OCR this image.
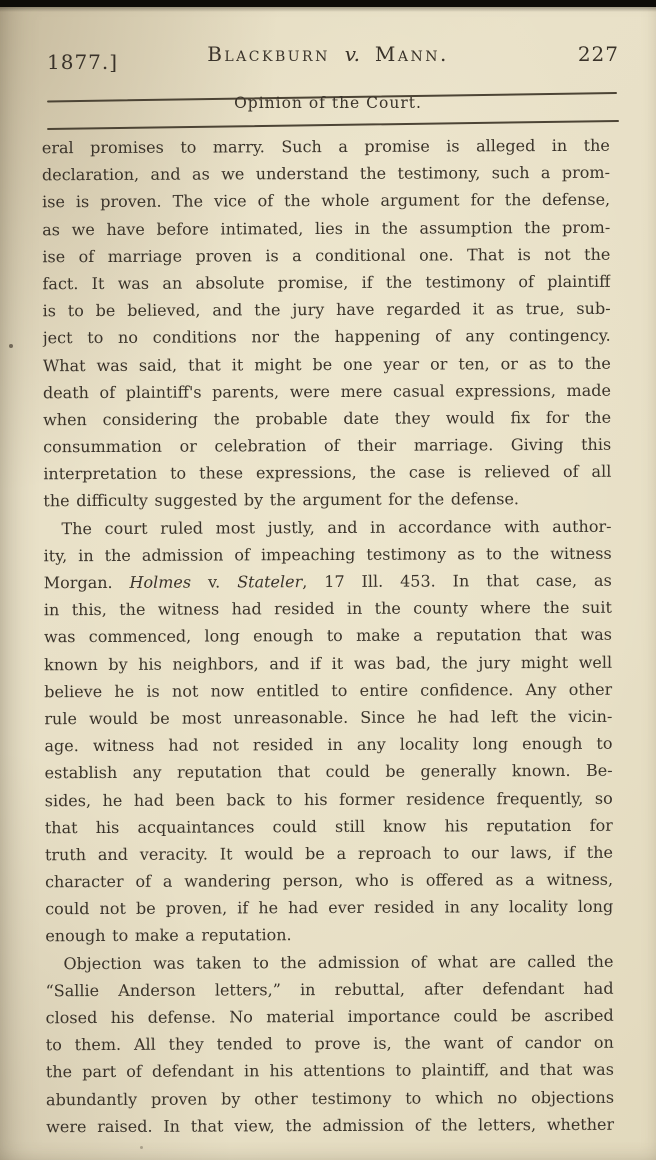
1877.]	Blackburn v. Mann.	227
Opinion of the Court.
eral promises to marry. Such a promise is alleged in the
declaration, and as we understand the testimony, such a prom-
ise is proven. The vice of the whole argument for the defense,
as we have before intimated, lies in the assumption the prom-
ise of marriage proven is a conditional one. That is not the
fact. It was an absolute promise, if the testimony of plaintiff
is to be believed, and the jury have regarded it as true, sub-
ject to no conditions nor the happening of any contingency.
What was said, that it might be one year or ten, or as to the
death of plaintiff's parents, were mere casual expressions, made
when considering the probable date they would fix for the
consummation or celebration of their marriage. Giving this
interpretation to these expressions, the case is relieved of all
the difficulty suggested by the argument for the defense.
The court ruled most justly, and in accordance with author-
ity, in the admission of impeaching testimony as to the witness
Morgan. Holmes v. Stateler, 17 Ill. 453. In that case, as
in this, the witness had resided in the county where the suit
was commenced, long enough to make a reputation that was
known by his neighbors, and if it was bad, the jury might well
believe he is not now entitled to entire confidence. Any other
rule would be most unreasonable. Since he had left the vicin-
age. witness had not resided in any locality long enough to
establish any reputation that could be generally known. Be-
sides, he had been back to his former residence frequently, so
that his acquaintances could still know his reputation for
truth and veracity. It would be a reproach to our laws, if the
character of a wandering person, who is offered as a witness,
could not be proven, if he had ever resided in any locality long
enough to make a reputation.
Objection was taken to the admission of what are called the
“Sallie Anderson letters,” in rebuttal, after defendant had
closed his defense. No material importance could be ascribed
to them. All they tended to prove is, the want of candor on
the part of defendant in his attentions to plaintiff, and that was
abundantly proven by other testimony to which no objections
were raised. In that view, the admission of the letters, whether
